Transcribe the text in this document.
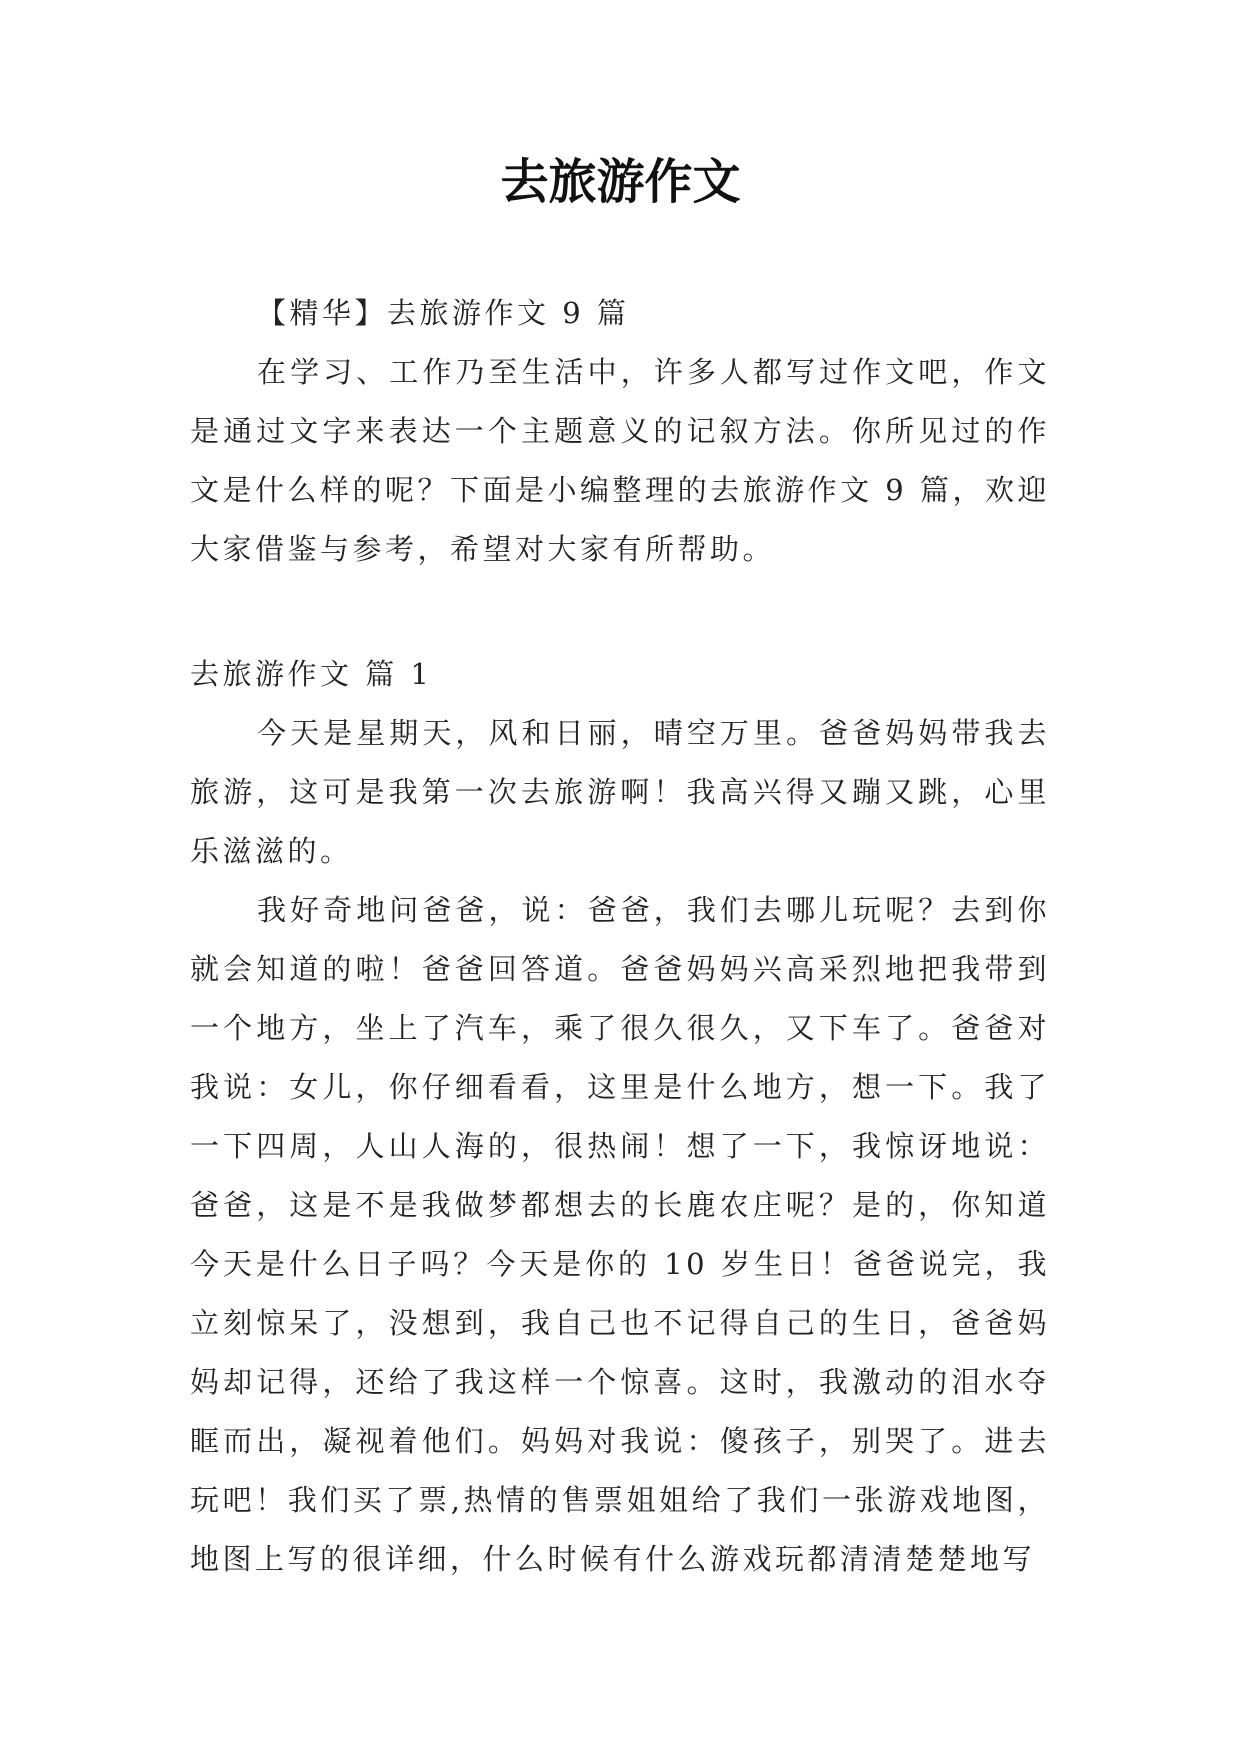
去旅游作文

【精华】去旅游作文 9 篇

在学习、工作乃至生活中，许多人都写过作文吧，作文是通过文字来表达一个主题意义的记叙方法。你所见过的作文是什么样的呢？下面是小编整理的去旅游作文 9 篇，欢迎大家借鉴与参考，希望对大家有所帮助。

去旅游作文 篇 1

今天是星期天，风和日丽，晴空万里。爸爸妈妈带我去旅游，这可是我第一次去旅游啊！我高兴得又蹦又跳，心里乐滋滋的。

我好奇地问爸爸，说：爸爸，我们去哪儿玩呢？去到你就会知道的啦！爸爸回答道。爸爸妈妈兴高采烈地把我带到一个地方，坐上了汽车，乘了很久很久，又下车了。爸爸对我说：女儿，你仔细看看，这里是什么地方，想一下。我了一下四周，人山人海的，很热闹！想了一下，我惊讶地说：爸爸，这是不是我做梦都想去的长鹿农庄呢？是的，你知道今天是什么日子吗？今天是你的 10 岁生日！爸爸说完，我立刻惊呆了，没想到，我自己也不记得自己的生日，爸爸妈妈却记得，还给了我这样一个惊喜。这时，我激动的泪水夺眶而出，凝视着他们。妈妈对我说：傻孩子，别哭了。进去玩吧！我们买了票,热情的售票姐姐给了我们一张游戏地图，地图上写的很详细，什么时候有什么游戏玩都清清楚楚地写
